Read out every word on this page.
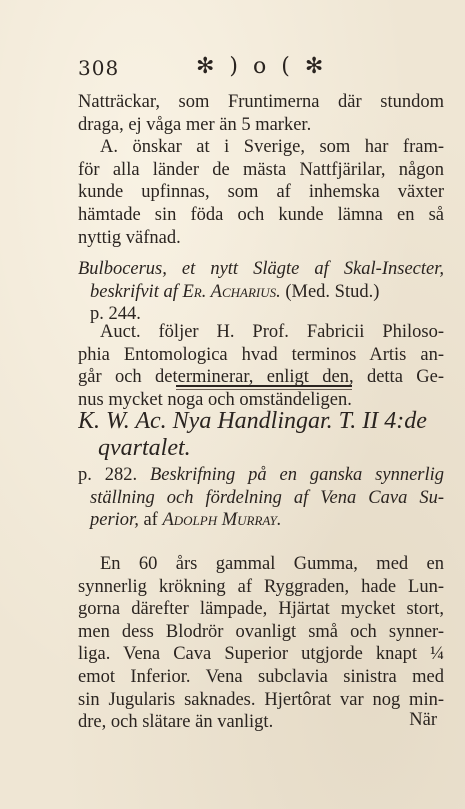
308	✻ ) o ( ✻
Natträckar, som Fruntimerna där stundom
draga, ej våga mer än 5 marker.
A. önskar at i Sverige, som har fram-
för alla länder de mästa Nattfjärilar, någon
kunde upfinnas, som af inhemska växter
hämtade sin föda och kunde lämna en så
nyttig väfnad.
Bulbocerus, et nytt Slägte af Skal-Insecter,
beskrifvit af Er. Acharius. (Med. Stud.)
p. 244.
Auct. följer H. Prof. Fabricii Philoso-
phia Entomologica hvad terminos Artis an-
går och determinerar, enligt den, detta Ge-
nus mycket noga och omständeligen.
K. W. Ac. Nya Handlingar. T. II 4:de
qvartalet.
p. 282. Beskrifning på en ganska synnerlig
ställning och fördelning af Vena Cava Su-
perior, af Adolph Murray.
En 60 års gammal Gumma, med en
synnerlig krökning af Ryggraden, hade Lun-
gorna därefter lämpade, Hjärtat mycket stort,
men dess Blodrör ovanligt små och synner-
liga. Vena Cava Superior utgjorde knapt ¼
emot Inferior. Vena subclavia sinistra med
sin Jugularis saknades. Hjertôrat var nog min-
dre, och slätare än vanligt.	När
